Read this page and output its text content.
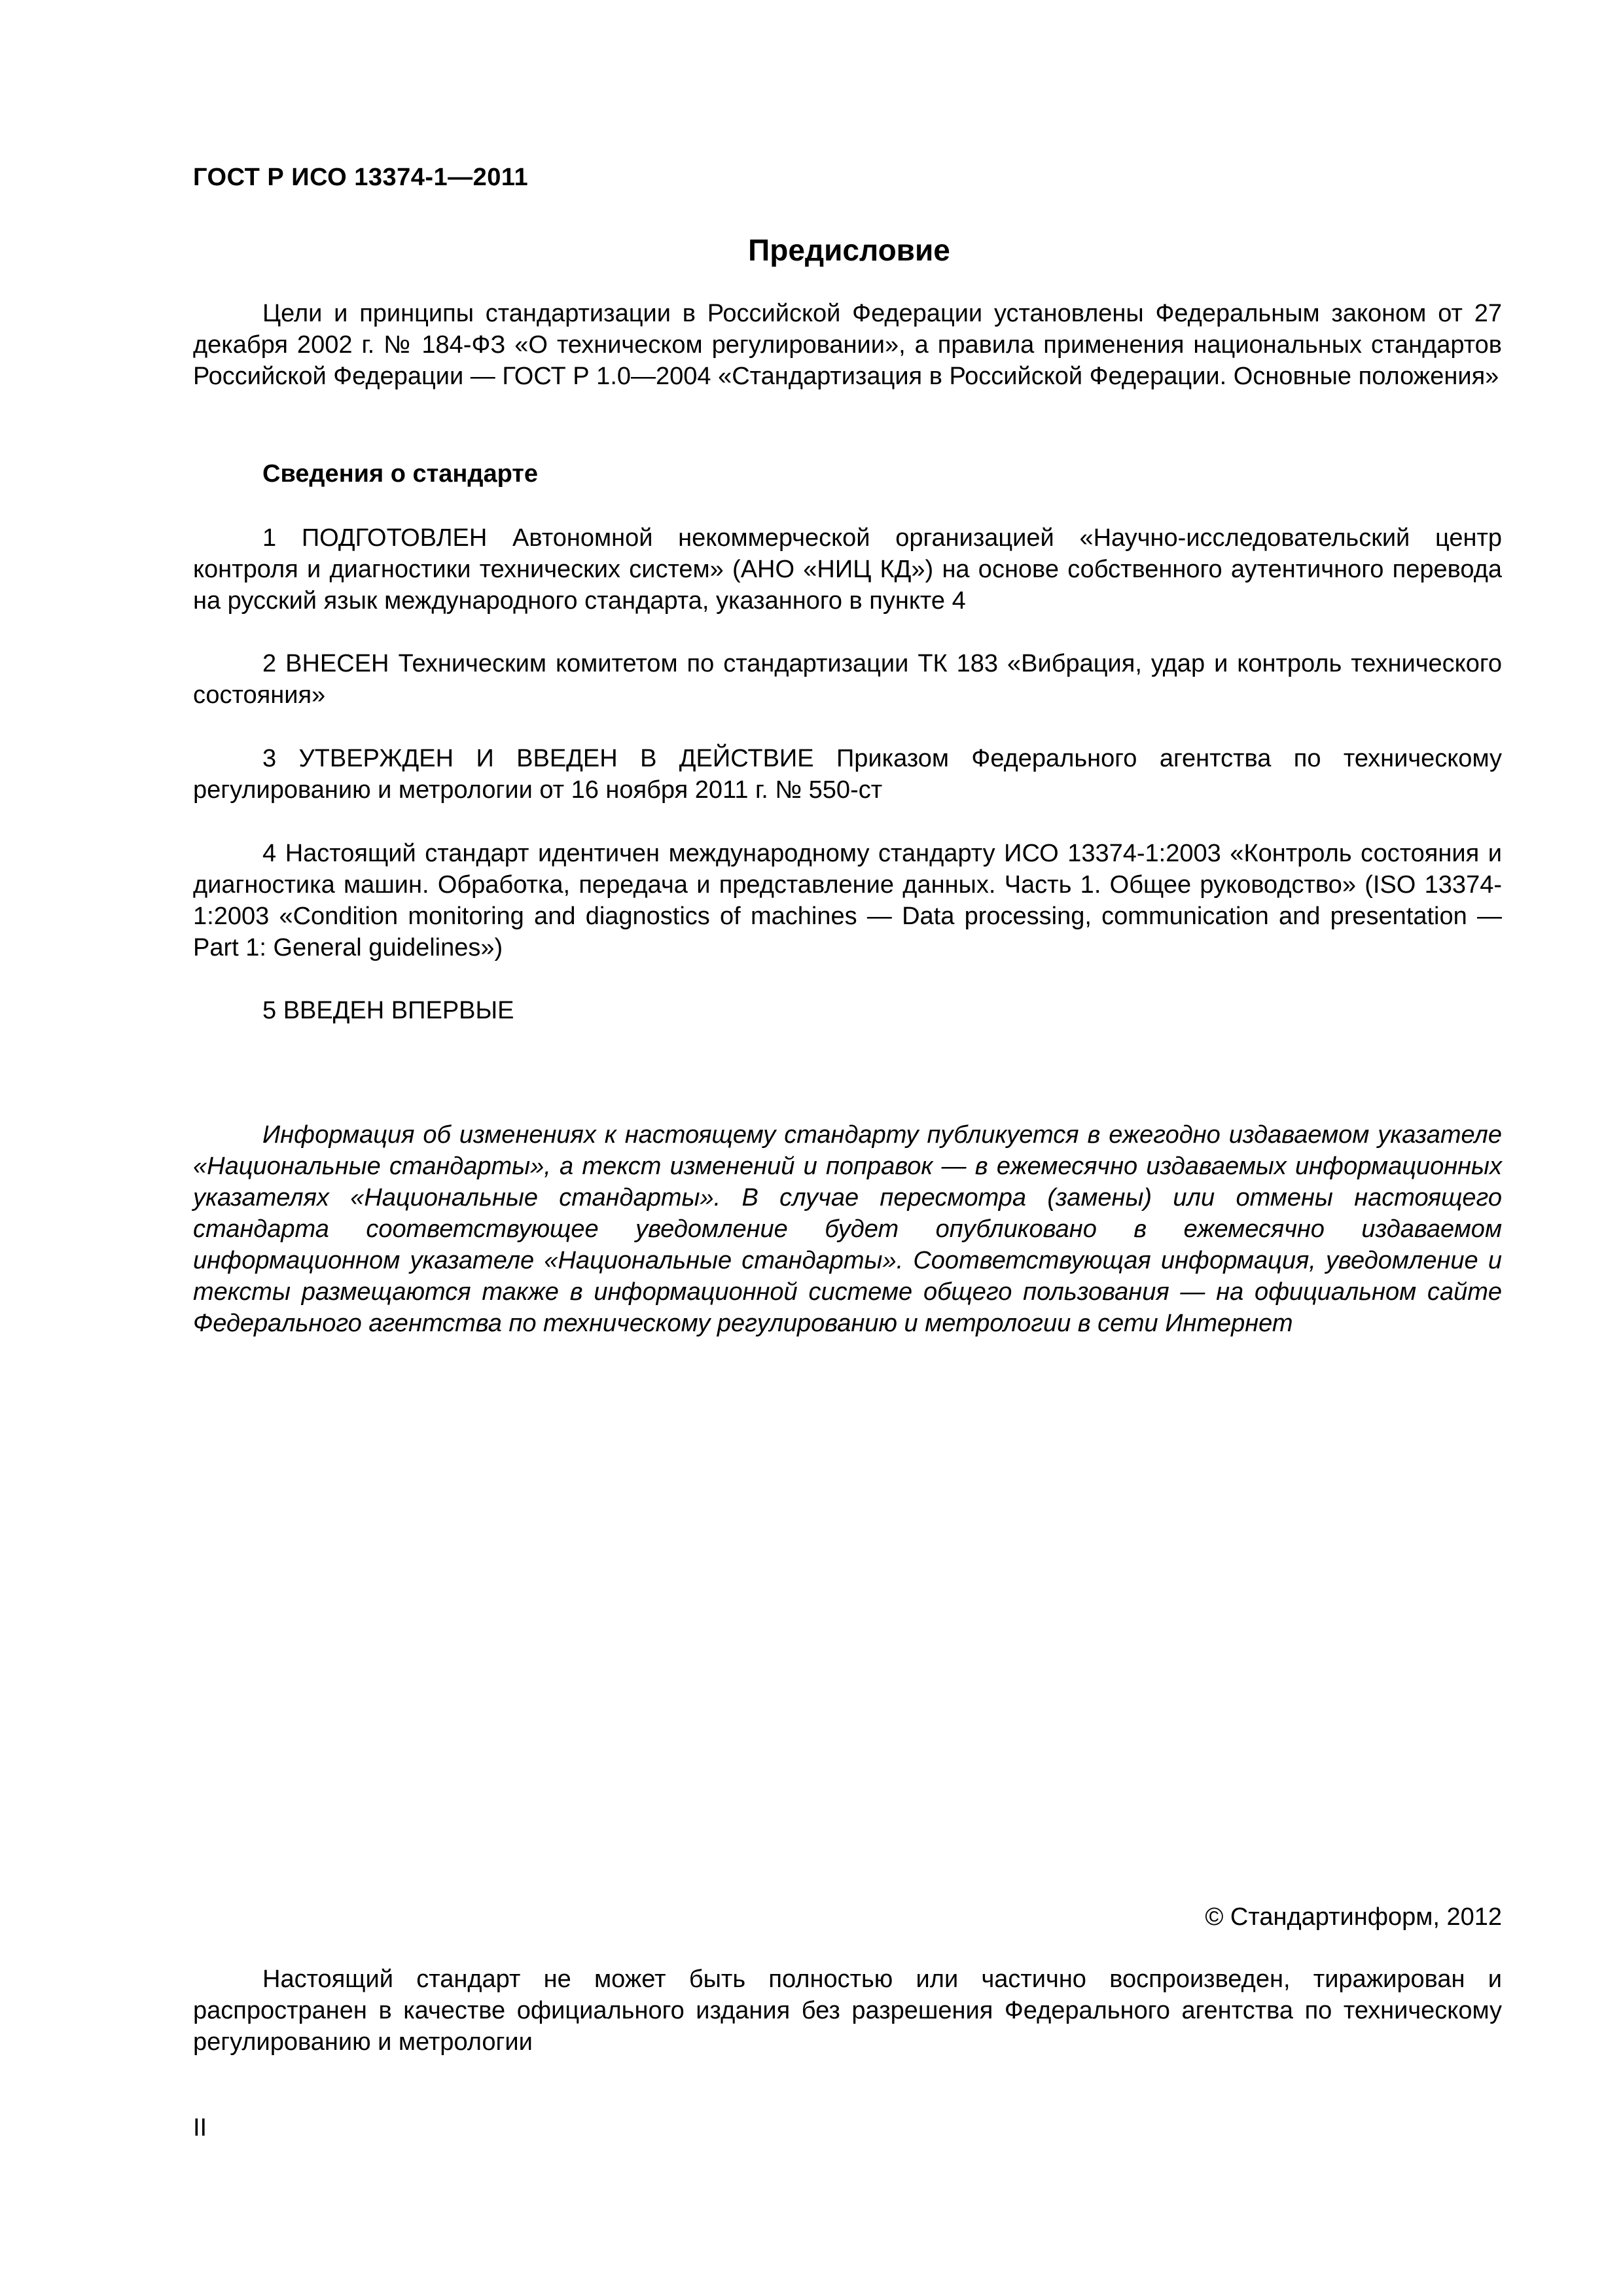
ГОСТ Р ИСО 13374-1—2011
Предисловие

Цели и принципы стандартизации в Российской Федерации установлены Федеральным законом от 27 декабря 2002 г. № 184-ФЗ «О техническом регулировании», а правила применения национальных стандартов Российской Федерации — ГОСТ Р 1.0—2004 «Стандартизация в Российской Федерации. Основные положения»

Сведения о стандарте

1 ПОДГОТОВЛЕН Автономной некоммерческой организацией «Научно-исследовательский центр контроля и диагностики технических систем» (АНО «НИЦ КД») на основе собственного аутентичного перевода на русский язык международного стандарта, указанного в пункте 4

2 ВНЕСЕН Техническим комитетом по стандартизации ТК 183 «Вибрация, удар и контроль технического состояния»

3 УТВЕРЖДЕН И ВВЕДЕН В ДЕЙСТВИЕ Приказом Федерального агентства по техническому регулированию и метрологии от 16 ноября 2011 г. № 550-ст

4 Настоящий стандарт идентичен международному стандарту ИСО 13374-1:2003 «Контроль состояния и диагностика машин. Обработка, передача и представление данных. Часть 1. Общее руководство» (ISO 13374-1:2003 «Condition monitoring and diagnostics of machines — Data processing, communication and presentation — Part 1: General guidelines»)

5 ВВЕДЕН ВПЕРВЫЕ

Информация об изменениях к настоящему стандарту публикуется в ежегодно издаваемом указателе «Национальные стандарты», а текст изменений и поправок — в ежемесячно издаваемых информационных указателях «Национальные стандарты». В случае пересмотра (замены) или отмены настоящего стандарта соответствующее уведомление будет опубликовано в ежемесячно издаваемом информационном указателе «Национальные стандарты». Соответствующая информация, уведомление и тексты размещаются также в информационной системе общего пользования — на официальном сайте Федерального агентства по техническому регулированию и метрологии в сети Интернет

© Стандартинформ, 2012

Настоящий стандарт не может быть полностью или частично воспроизведен, тиражирован и распространен в качестве официального издания без разрешения Федерального агентства по техническому регулированию и метрологии

II
